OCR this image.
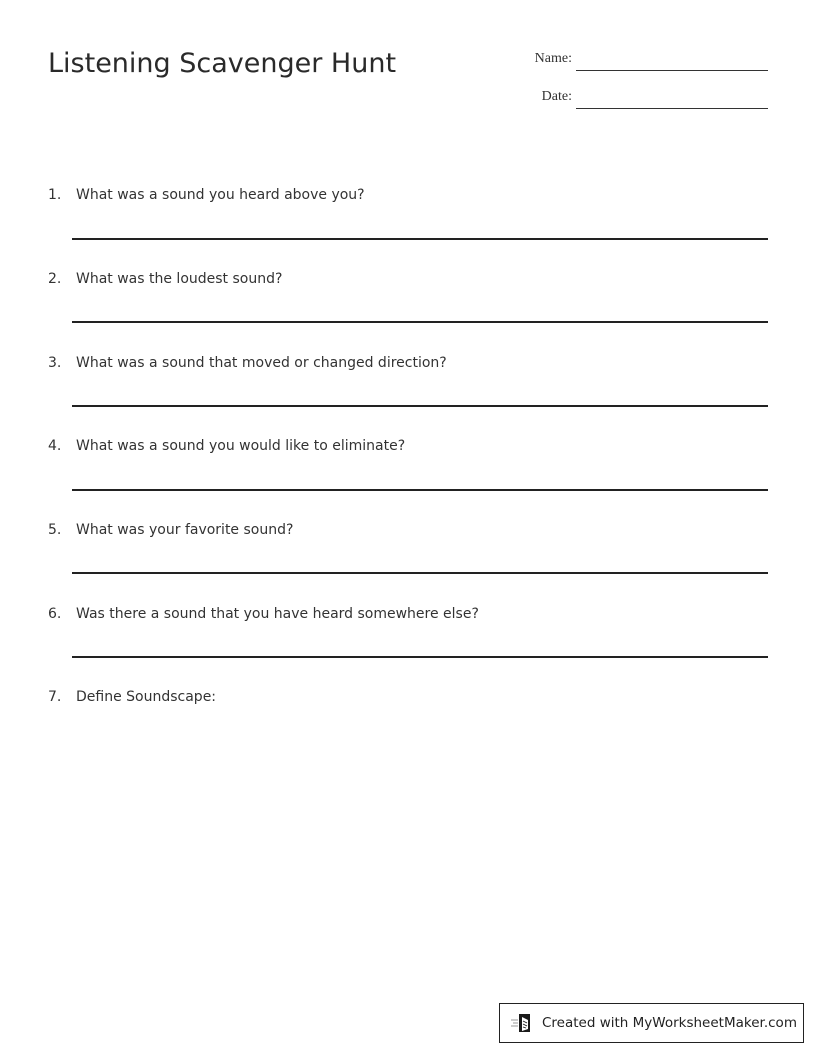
Listening Scavenger Hunt	Name:
Date:
1. What was a sound you heard above you?
2. What was the loudest sound?
3. What was a sound that moved or changed direction?
4. What was a sound you would like to eliminate?
5. What was your favorite sound?
6. Was there a sound that you have heard somewhere else?
7. Define Soundscape:
Created with MyWorksheetMaker.com
